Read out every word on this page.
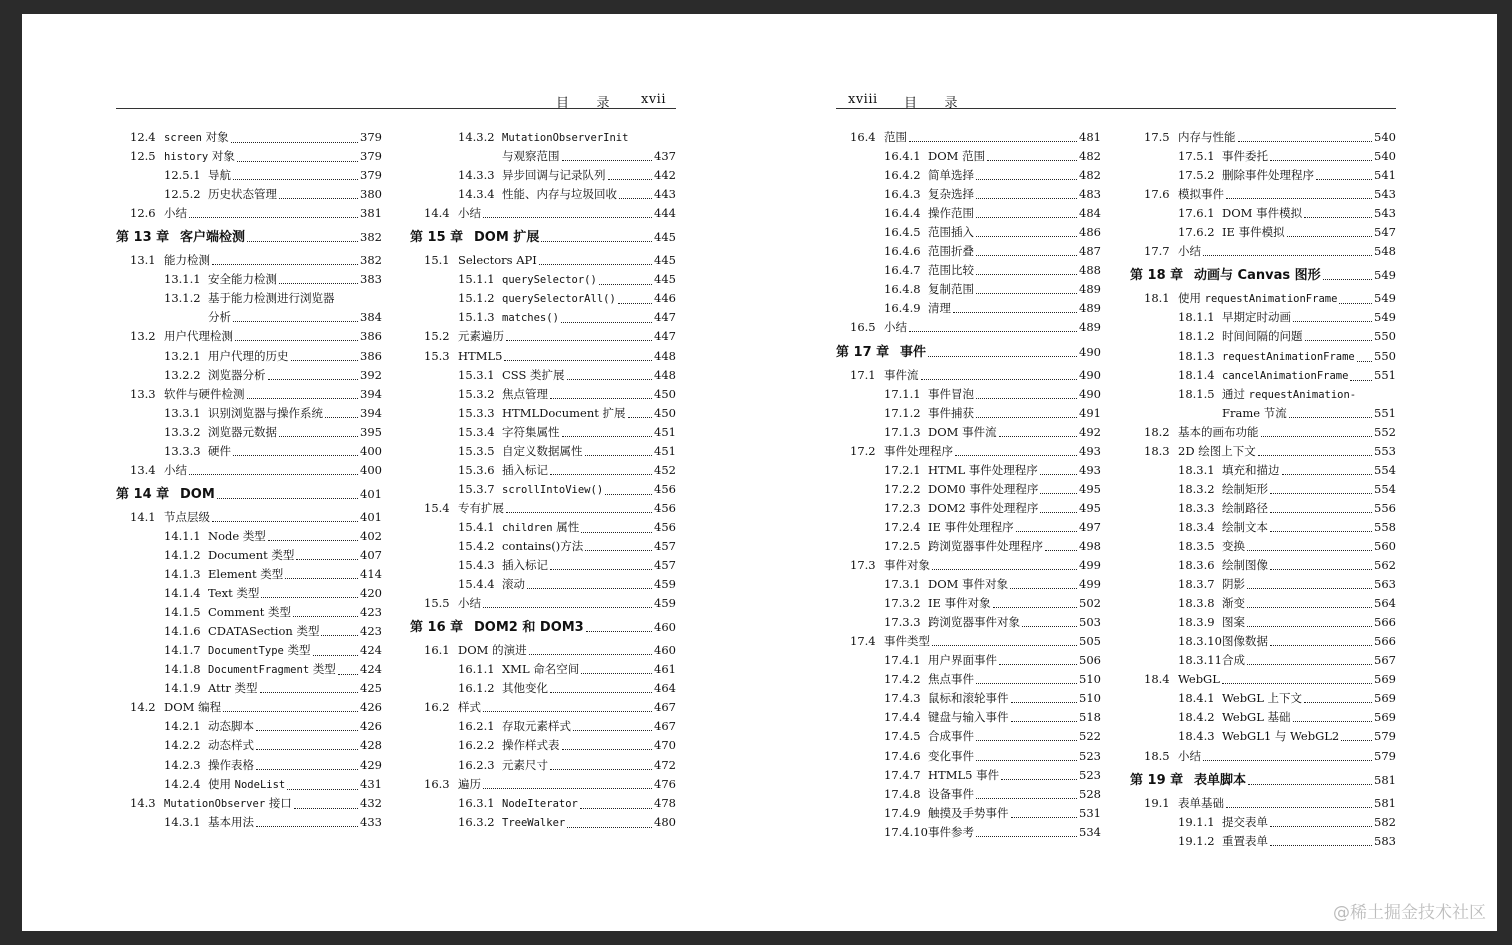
目　　录 xvii	xviii 目　　录
12.4 screen 对象	379
12.5 history 对象	379
12.5.1 导航	379
12.5.2 历史状态管理	380
12.6 小结	381
第 13 章 客户端检测	382
13.1 能力检测	382
13.1.1 安全能力检测	383
13.1.2 基于能力检测进行浏览器
分析	384
13.2 用户代理检测	386
13.2.1 用户代理的历史	386
13.2.2 浏览器分析	392
13.3 软件与硬件检测	394
13.3.1 识别浏览器与操作系统	394
13.3.2 浏览器元数据	395
13.3.3 硬件	400
13.4 小结	400
第 14 章 DOM	401
14.1 节点层级	401
14.1.1 Node 类型	402
14.1.2 Document 类型	407
14.1.3 Element 类型	414
14.1.4 Text 类型	420
14.1.5 Comment 类型	423
14.1.6 CDATASection 类型	423
14.1.7 DocumentType 类型	424
14.1.8 DocumentFragment 类型 424
14.1.9 Attr 类型	425
14.2 DOM 编程	426
14.2.1 动态脚本	426
14.2.2 动态样式	428
14.2.3 操作表格	429
14.2.4 使用 NodeList	431
14.3 MutationObserver 接口	432
14.3.1 基本用法	433
14.3.2 MutationObserverInit
与观察范围	437
14.3.3 异步回调与记录队列	442
14.3.4 性能、内存与垃圾回收	443
14.4 小结	444
第 15 章 DOM 扩展	445
15.1 Selectors API	445
15.1.1 querySelector()	445
15.1.2 querySelectorAll()	446
15.1.3 matches()	447
15.2 元素遍历	447
15.3 HTML5	448
15.3.1 CSS 类扩展	448
15.3.2 焦点管理	450
15.3.3 HTMLDocument 扩展 450
15.3.4 字符集属性	451
15.3.5 自定义数据属性	451
15.3.6 插入标记	452
15.3.7 scrollIntoView()	456
15.4 专有扩展	456
15.4.1 children 属性	456
15.4.2 contains()方法	457
15.4.3 插入标记	457
15.4.4 滚动	459
15.5 小结	459
第 16 章 DOM2 和 DOM3	460
16.1 DOM 的演进	460
16.1.1 XML 命名空间	461
16.1.2 其他变化	464
16.2 样式	467
16.2.1 存取元素样式	467
16.2.2 操作样式表	470
16.2.3 元素尺寸	472
16.3 遍历	476
16.3.1 NodeIterator	478
16.3.2 TreeWalker	480
16.4 范围	481
16.4.1 DOM 范围	482
16.4.2 简单选择	482
16.4.3 复杂选择	483
16.4.4 操作范围	484
16.4.5 范围插入	486
16.4.6 范围折叠	487
16.4.7 范围比较	488
16.4.8 复制范围	489
16.4.9 清理	489
16.5 小结	489
第 17 章 事件	490
17.1 事件流	490
17.1.1 事件冒泡	490
17.1.2 事件捕获	491
17.1.3 DOM 事件流	492
17.2 事件处理程序	493
17.2.1 HTML 事件处理程序	493
17.2.2 DOM0 事件处理程序	495
17.2.3 DOM2 事件处理程序	495
17.2.4 IE 事件处理程序	497
17.2.5 跨浏览器事件处理程序	498
17.3 事件对象	499
17.3.1 DOM 事件对象	499
17.3.2 IE 事件对象	502
17.3.3 跨浏览器事件对象	503
17.4 事件类型	505
17.4.1 用户界面事件	506
17.4.2 焦点事件	510
17.4.3 鼠标和滚轮事件	510
17.4.4 键盘与输入事件	518
17.4.5 合成事件	522
17.4.6 变化事件	523
17.4.7 HTML5 事件	523
17.4.8 设备事件	528
17.4.9 触摸及手势事件	531
17.4.10 事件参考	534
17.5 内存与性能	540
17.5.1 事件委托	540
17.5.2 删除事件处理程序	541
17.6 模拟事件	543
17.6.1 DOM 事件模拟	543
17.6.2 IE 事件模拟	547
17.7 小结	548
第 18 章 动画与 Canvas 图形	549
18.1 使用 requestAnimationFrame	549
18.1.1 早期定时动画	549
18.1.2 时间间隔的问题	550
18.1.3 requestAnimationFrame 550
18.1.4 cancelAnimationFrame 551
18.1.5 通过 requestAnimation-
Frame 节流	551
18.2 基本的画布功能	552
18.3 2D 绘图上下文	553
18.3.1 填充和描边	554
18.3.2 绘制矩形	554
18.3.3 绘制路径	556
18.3.4 绘制文本	558
18.3.5 变换	560
18.3.6 绘制图像	562
18.3.7 阴影	563
18.3.8 渐变	564
18.3.9 图案	566
18.3.10 图像数据	566
18.3.11 合成	567
18.4 WebGL	569
18.4.1 WebGL 上下文	569
18.4.2 WebGL 基础	569
18.4.3 WebGL1 与 WebGL2	579
18.5 小结	579
第 19 章 表单脚本	581
19.1 表单基础	581
19.1.1 提交表单	582
19.1.2 重置表单	583
@稀土掘金技术社区
